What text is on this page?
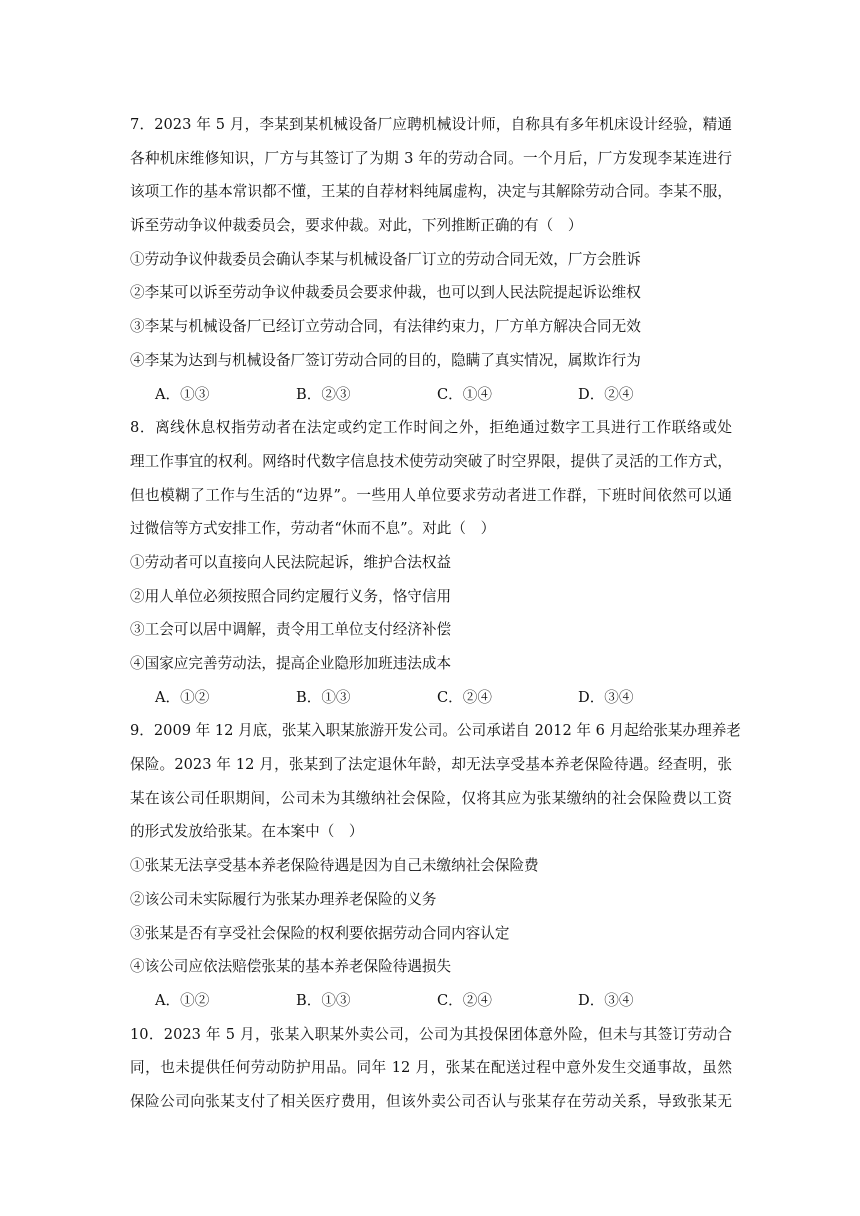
7．2023 年 5 月，李某到某机械设备厂应聘机械设计师，自称具有多年机床设计经验，精通
各种机床维修知识，厂方与其签订了为期 3 年的劳动合同。一个月后，厂方发现李某连进行
该项工作的基本常识都不懂，王某的自荐材料纯属虚构，决定与其解除劳动合同。李某不服，
诉至劳动争议仲裁委员会，要求仲裁。对此，下列推断正确的有（　）
①劳动争议仲裁委员会确认李某与机械设备厂订立的劳动合同无效，厂方会胜诉
②李某可以诉至劳动争议仲裁委员会要求仲裁，也可以到人民法院提起诉讼维权
③李某与机械设备厂已经订立劳动合同，有法律约束力，厂方单方解决合同无效
④李某为达到与机械设备厂签订劳动合同的目的，隐瞒了真实情况，属欺诈行为
A．①③	B．②③	C．①④	D．②④
8．离线休息权指劳动者在法定或约定工作时间之外，拒绝通过数字工具进行工作联络或处
理工作事宜的权利。网络时代数字信息技术使劳动突破了时空界限，提供了灵活的工作方式，
但也模糊了工作与生活的“边界”。一些用人单位要求劳动者进工作群，下班时间依然可以通
过微信等方式安排工作，劳动者“休而不息”。对此（　）
①劳动者可以直接向人民法院起诉，维护合法权益
②用人单位必须按照合同约定履行义务，恪守信用
③工会可以居中调解，责令用工单位支付经济补偿
④国家应完善劳动法，提高企业隐形加班违法成本
A．①②	B．①③	C．②④	D．③④
9．2009 年 12 月底，张某入职某旅游开发公司。公司承诺自 2012 年 6 月起给张某办理养老
保险。2023 年 12 月，张某到了法定退休年龄，却无法享受基本养老保险待遇。经查明，张
某在该公司任职期间，公司未为其缴纳社会保险，仅将其应为张某缴纳的社会保险费以工资
的形式发放给张某。在本案中（　）
①张某无法享受基本养老保险待遇是因为自己未缴纳社会保险费
②该公司未实际履行为张某办理养老保险的义务
③张某是否有享受社会保险的权利要依据劳动合同内容认定
④该公司应依法赔偿张某的基本养老保险待遇损失
A．①②	B．①③	C．②④	D．③④
10．2023 年 5 月，张某入职某外卖公司，公司为其投保团体意外险，但未与其签订劳动合
同，也未提供任何劳动防护用品。同年 12 月，张某在配送过程中意外发生交通事故，虽然
保险公司向张某支付了相关医疗费用，但该外卖公司否认与张某存在劳动关系，导致张某无
